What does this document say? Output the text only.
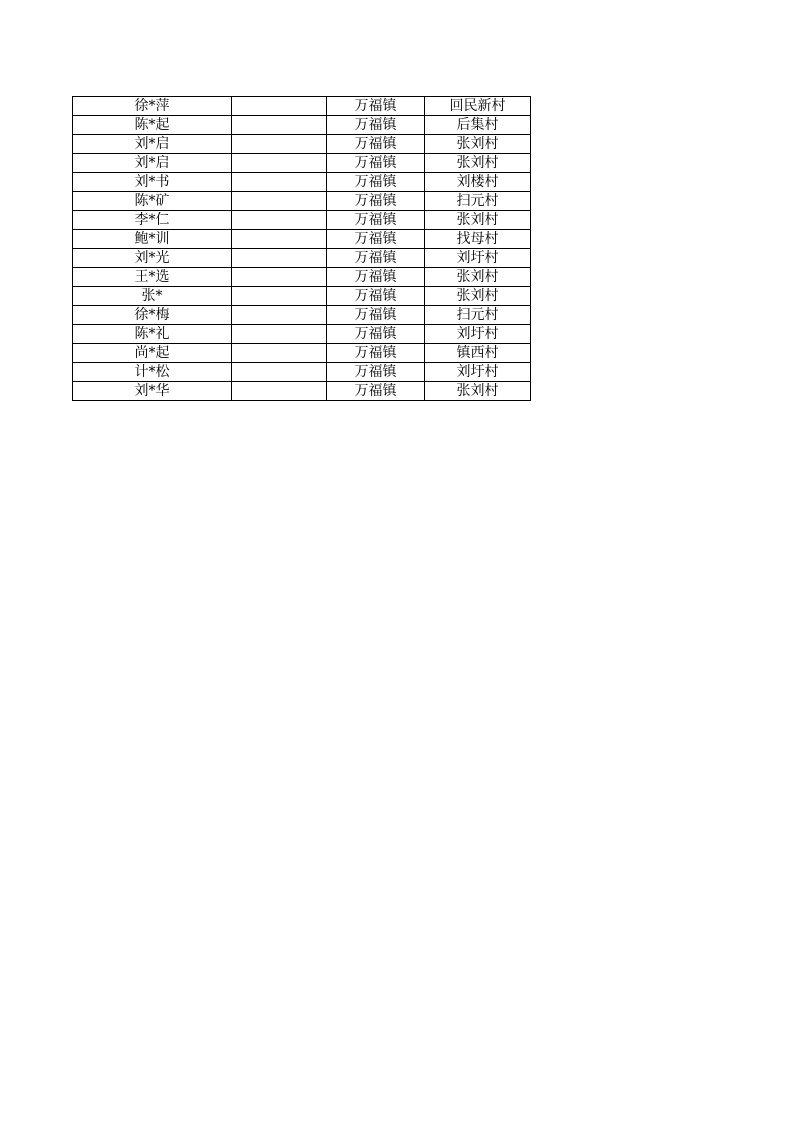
徐*萍		万福镇	回民新村
陈*起		万福镇	后集村
刘*启		万福镇	张刘村
刘*启		万福镇	张刘村
刘*书		万福镇	刘楼村
陈*矿		万福镇	扫元村
李*仁		万福镇	张刘村
鲍*训		万福镇	找母村
刘*光		万福镇	刘圩村
王*选		万福镇	张刘村
张*		万福镇	张刘村
徐*梅		万福镇	扫元村
陈*礼		万福镇	刘圩村
尚*起		万福镇	镇西村
计*松		万福镇	刘圩村
刘*华		万福镇	张刘村
